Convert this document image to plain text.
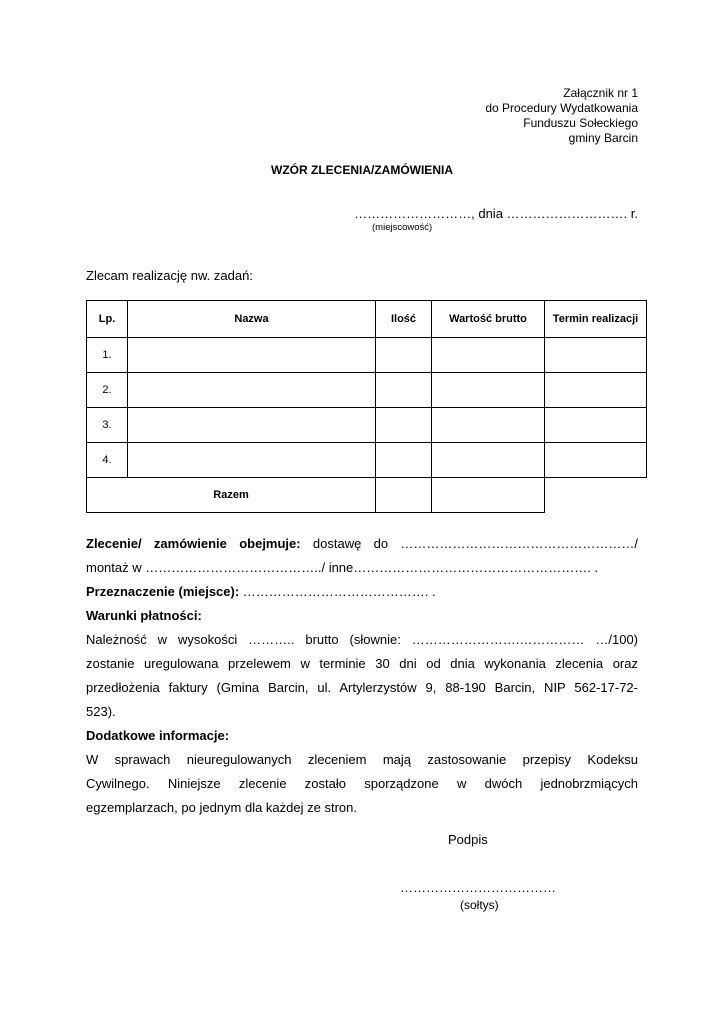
Załącznik nr 1
do Procedury Wydatkowania
Funduszu Sołeckiego
gminy Barcin
WZÓR ZLECENIA/ZAMÓWIENIA
………………………, dnia ………………………. r.
(miejscowość)
Zlecam realizację nw. zadań:
Lp.	Nazwa	Ilość	Wartość brutto	Termin realizacji
1.				
2.				
3.				
4.				
Razem				

Zlecenie/ zamówienie obejmuje: dostawę do ………………………………………………/

montaż w …………………………………../ inne………………………………………………. .

Przeznaczenie (miejsce): ……………………………………. .

Warunki płatności:

Należność w wysokości ……….. brutto (słownie: …………………….…………… …/100)

zostanie uregulowana przelewem w terminie 30 dni od dnia wykonania zlecenia oraz

przedłożenia faktury (Gmina Barcin, ul. Artylerzystów 9, 88-190 Barcin, NIP 562-17-72-

523).

Dodatkowe informacje:

W sprawach nieuregulowanych zleceniem mają zastosowanie przepisy Kodeksu

Cywilnego. Niniejsze zlecenie zostało sporządzone w dwóch jednobrzmiących

egzemplarzach, po jednym dla każdej ze stron.

Podpis
………………………………
(sołtys)
